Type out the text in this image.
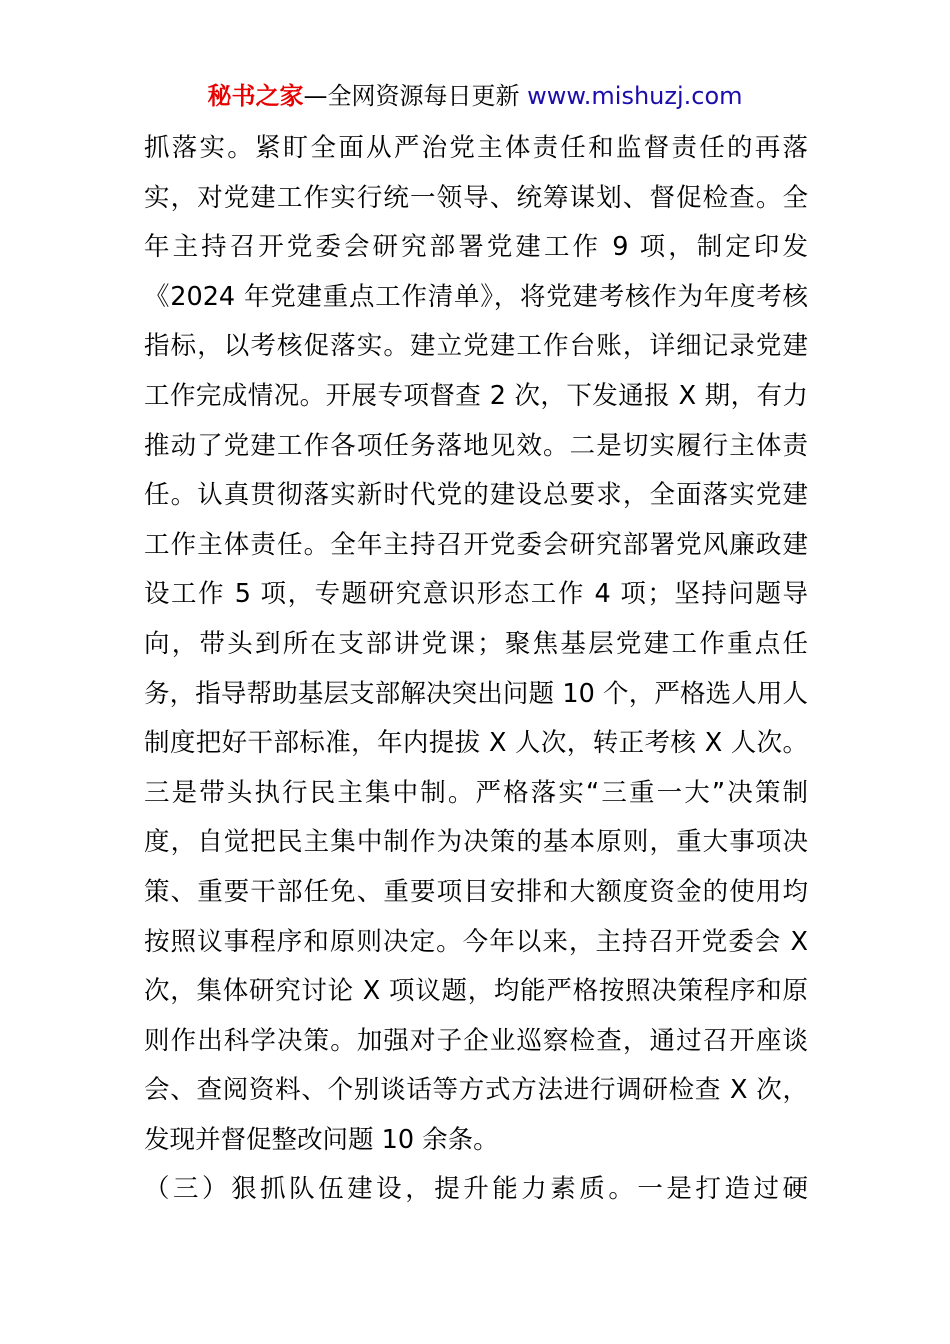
秘书之家—全网资源每日更新 www.mishuzj.com
抓落实。紧盯全面从严治党主体责任和监督责任的再落
实，对党建工作实行统一领导、统筹谋划、督促检查。全
年主持召开党委会研究部署党建工作 9 项，制定印发
《2024 年党建重点工作清单》，将党建考核作为年度考核
指标，以考核促落实。建立党建工作台账，详细记录党建
工作完成情况。开展专项督查 2 次，下发通报 X 期，有力
推动了党建工作各项任务落地见效。二是切实履行主体责
任。认真贯彻落实新时代党的建设总要求，全面落实党建
工作主体责任。全年主持召开党委会研究部署党风廉政建
设工作 5 项，专题研究意识形态工作 4 项；坚持问题导
向，带头到所在支部讲党课；聚焦基层党建工作重点任
务，指导帮助基层支部解决突出问题 10 个，严格选人用人
制度把好干部标准，年内提拔 X 人次，转正考核 X 人次。
三是带头执行民主集中制。严格落实“三重一大”决策制
度，自觉把民主集中制作为决策的基本原则，重大事项决
策、重要干部任免、重要项目安排和大额度资金的使用均
按照议事程序和原则决定。今年以来，主持召开党委会 X
次，集体研究讨论 X 项议题，均能严格按照决策程序和原
则作出科学决策。加强对子企业巡察检查，通过召开座谈
会、查阅资料、个别谈话等方式方法进行调研检查 X 次，
发现并督促整改问题 10 余条。
（三）狠抓队伍建设，提升能力素质。一是打造过硬
